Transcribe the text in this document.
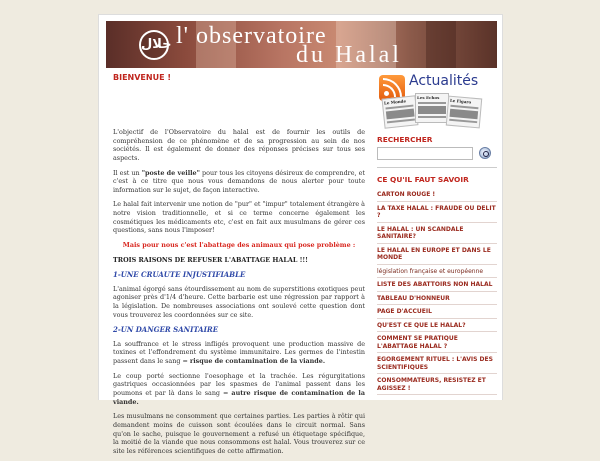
حلال l' observatoire
du Halal
BIENVENUE !

L'objectif de l'Observatoire du halal est de fournir les outils de compréhension de ce phénomène et de sa progression au sein de nos sociétés. Il est également de donner des réponses précises sur tous ses aspects.

Il est un "poste de veille" pour tous les citoyens désireux de comprendre, et c'est à ce titre que nous vous demandons de nous alerter pour toute information sur le sujet, de façon interactive.

Le halal fait intervenir une notion de "pur" et "impur" totalement étrangère à notre vision traditionnelle, et si ce terme concerne également les cosmétiques les médicaments etc, c'est en fait aux musulmans de gérer ces questions, sans nous l'imposer!

Mais pour nous c'est l'abattage des animaux qui pose problème :

TROIS RAISONS DE REFUSER L'ABATTAGE HALAL !!!

1-UNE CRUAUTE INJUSTIFIABLE

L'animal égorgé sans étourdissement au nom de superstitions exotiques peut agoniser près d'1/4 d'heure. Cette barbarie est une régression par rapport à la législation. De nombreuses associations ont soulevé cette question dont vous trouverez les coordonnées sur ce site.

2-UN DANGER SANITAIRE

La souffrance et le stress infligés provoquent une production massive de toxines et l'effondrement du système immunitaire. Les germes de l'intestin passent dans le sang = risque de contamination de la viande.

Le coup porté sectionne l'oesophage et la trachée. Les régurgitations gastriques occasionnées par les spasmes de l'animal passent dans les poumons et par là dans le sang = autre risque de contamination de la viande.

Les musulmans ne consomment que certaines parties. Les parties à rôtir qui demandent moins de cuisson sont écoulées dans le circuit normal. Sans qu'on le sache, puisque le gouvernement a refusé un étiquetage spécifique, la moitié de la viande que nous consommons est halal. Vous trouverez sur ce site les références scientifiques de cette affirmation.

Actualités
Le Monde
Les Echos
Le Figaro
RECHERCHER
CE QU'IL FAUT SAVOIR
CARTON ROUGE !
LA TAXE HALAL : FRAUDE OU DELIT ?
LE HALAL : UN SCANDALE SANITAIRE?
LE HALAL EN EUROPE ET DANS LE MONDE
législation française et européenne
LISTE DES ABATTOIRS NON HALAL
TABLEAU D'HONNEUR
PAGE D'ACCUEIL
QU'EST CE QUE LE HALAL?
COMMENT SE PRATIQUE L'ABATTAGE HALAL ?
EGORGEMENT RITUEL : L'AVIS DES SCIENTIFIQUES
CONSOMMATEURS, RESISTEZ ET AGISSEZ !
